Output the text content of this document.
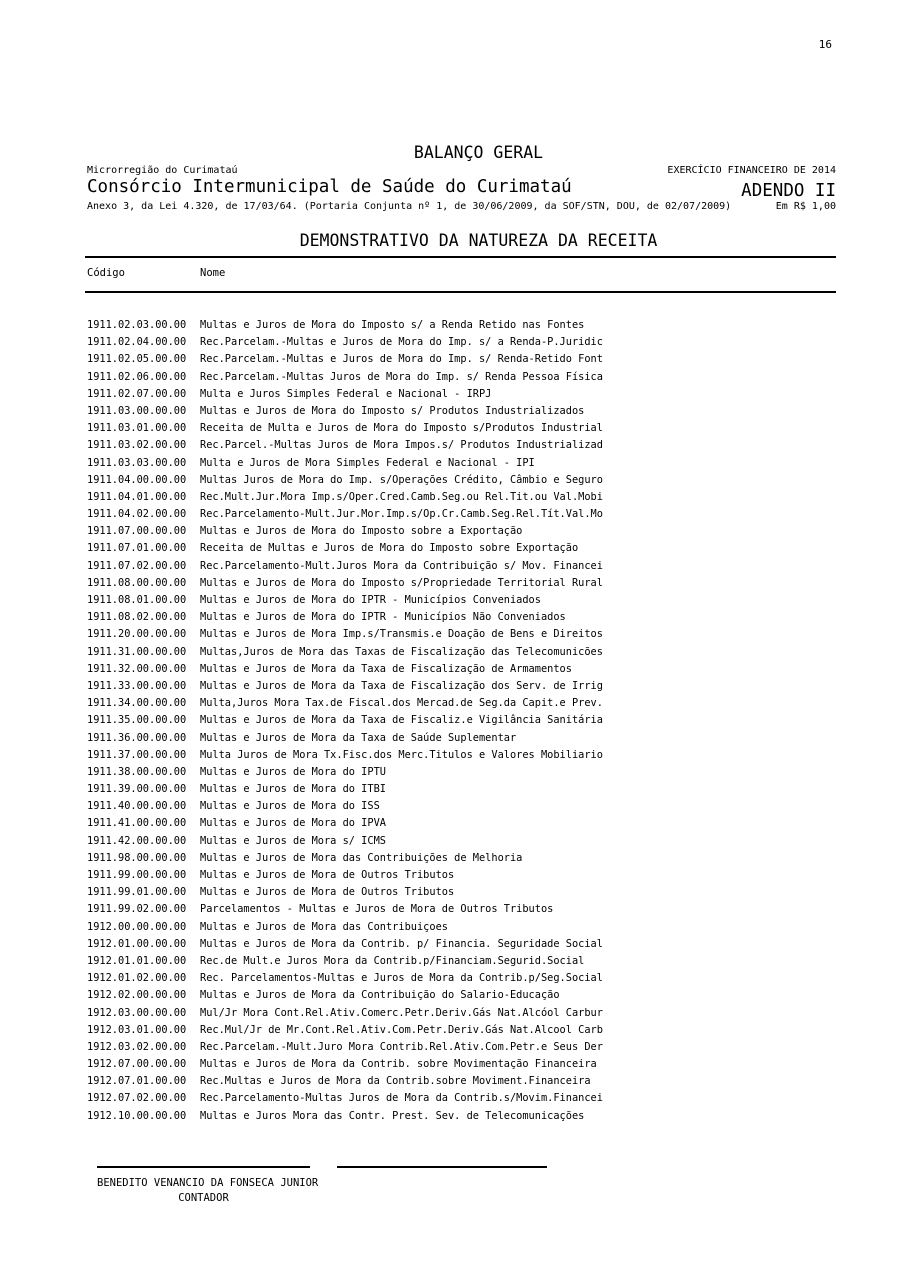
16
BALANÇO GERAL
Microrregião do Curimataú	EXERCÍCIO FINANCEIRO DE 2014
Consórcio Intermunicipal de Saúde do Curimataú	ADENDO II
Anexo 3, da Lei 4.320, de 17/03/64. (Portaria Conjunta nº 1, de 30/06/2009, da SOF/STN, DOU, de 02/07/2009)	Em R$ 1,00
DEMONSTRATIVO DA NATUREZA DA RECEITA
Código	Nome
1911.02.03.00.00	Multas e Juros de Mora do Imposto s/ a Renda Retido nas Fontes
1911.02.04.00.00	Rec.Parcelam.-Multas e Juros de Mora do Imp. s/ a Renda-P.Juridic
1911.02.05.00.00	Rec.Parcelam.-Multas e Juros de Mora do Imp. s/ Renda-Retido Font
1911.02.06.00.00	Rec.Parcelam.-Multas Juros de Mora do Imp. s/ Renda Pessoa Física
1911.02.07.00.00	Multa e Juros Simples Federal e Nacional - IRPJ
1911.03.00.00.00	Multas e Juros de Mora do Imposto s/ Produtos Industrializados
1911.03.01.00.00	Receita de Multa e Juros de Mora do Imposto s/Produtos Industrial
1911.03.02.00.00	Rec.Parcel.-Multas Juros de Mora Impos.s/ Produtos Industrializad
1911.03.03.00.00	Multa e Juros de Mora Simples Federal e Nacional - IPI
1911.04.00.00.00	Multas Juros de Mora do Imp. s/Operações Crédito, Câmbio e Seguro
1911.04.01.00.00	Rec.Mult.Jur.Mora Imp.s/Oper.Cred.Camb.Seg.ou Rel.Tit.ou Val.Mobi
1911.04.02.00.00	Rec.Parcelamento-Mult.Jur.Mor.Imp.s/Op.Cr.Camb.Seg.Rel.Tít.Val.Mo
1911.07.00.00.00	Multas e Juros de Mora do Imposto sobre a Exportação
1911.07.01.00.00	Receita de Multas e Juros de Mora do Imposto sobre Exportação
1911.07.02.00.00	Rec.Parcelamento-Mult.Juros Mora da Contribuição s/ Mov. Financei
1911.08.00.00.00	Multas e Juros de Mora do Imposto s/Propriedade Territorial Rural
1911.08.01.00.00	Multas e Juros de Mora do IPTR - Municípios Conveniados
1911.08.02.00.00	Multas e Juros de Mora do IPTR - Municípios Não Conveniados
1911.20.00.00.00	Multas e Juros de Mora Imp.s/Transmis.e Doação de Bens e Direitos
1911.31.00.00.00	Multas,Juros de Mora das Taxas de Fiscalização das Telecomunicões
1911.32.00.00.00	Multas e Juros de Mora da Taxa de Fiscalização de Armamentos
1911.33.00.00.00	Multas e Juros de Mora da Taxa de Fiscalização dos Serv. de Irrig
1911.34.00.00.00	Multa,Juros Mora Tax.de Fiscal.dos Mercad.de Seg.da Capit.e Prev.
1911.35.00.00.00	Multas e Juros de Mora da Taxa de Fiscaliz.e Vigilância Sanitária
1911.36.00.00.00	Multas e Juros de Mora da Taxa de Saúde Suplementar
1911.37.00.00.00	Multa Juros de Mora Tx.Fisc.dos Merc.Titulos e Valores Mobiliario
1911.38.00.00.00	Multas e Juros de Mora do IPTU
1911.39.00.00.00	Multas e Juros de Mora do ITBI
1911.40.00.00.00	Multas e Juros de Mora do ISS
1911.41.00.00.00	Multas e Juros de Mora do IPVA
1911.42.00.00.00	Multas e Juros de Mora s/ ICMS
1911.98.00.00.00	Multas e Juros de Mora das Contribuições de Melhoria
1911.99.00.00.00	Multas e Juros de Mora de Outros Tributos
1911.99.01.00.00	Multas e Juros de Mora de Outros Tributos
1911.99.02.00.00	Parcelamentos - Multas e Juros de Mora de Outros Tributos
1912.00.00.00.00	Multas e Juros de Mora das Contribuiçoes
1912.01.00.00.00	Multas e Juros de Mora da Contrib. p/ Financia. Seguridade Social
1912.01.01.00.00	Rec.de Mult.e Juros Mora da Contrib.p/Financiam.Segurid.Social
1912.01.02.00.00	Rec. Parcelamentos-Multas e Juros de Mora da Contrib.p/Seg.Social
1912.02.00.00.00	Multas e Juros de Mora da Contribuição do Salario-Educação
1912.03.00.00.00	Mul/Jr Mora Cont.Rel.Ativ.Comerc.Petr.Deriv.Gás Nat.Alcóol Carbur
1912.03.01.00.00	Rec.Mul/Jr de Mr.Cont.Rel.Ativ.Com.Petr.Deriv.Gás Nat.Alcool Carb
1912.03.02.00.00	Rec.Parcelam.-Mult.Juro Mora Contrib.Rel.Ativ.Com.Petr.e Seus Der
1912.07.00.00.00	Multas e Juros de Mora da Contrib. sobre Movimentação Financeira
1912.07.01.00.00	Rec.Multas e Juros de Mora da Contrib.sobre Moviment.Financeira
1912.07.02.00.00	Rec.Parcelamento-Multas Juros de Mora da Contrib.s/Movim.Financei
1912.10.00.00.00	Multas e Juros Mora das Contr. Prest. Sev. de Telecomunicações
BENEDITO VENANCIO DA FONSECA JUNIOR
CONTADOR
